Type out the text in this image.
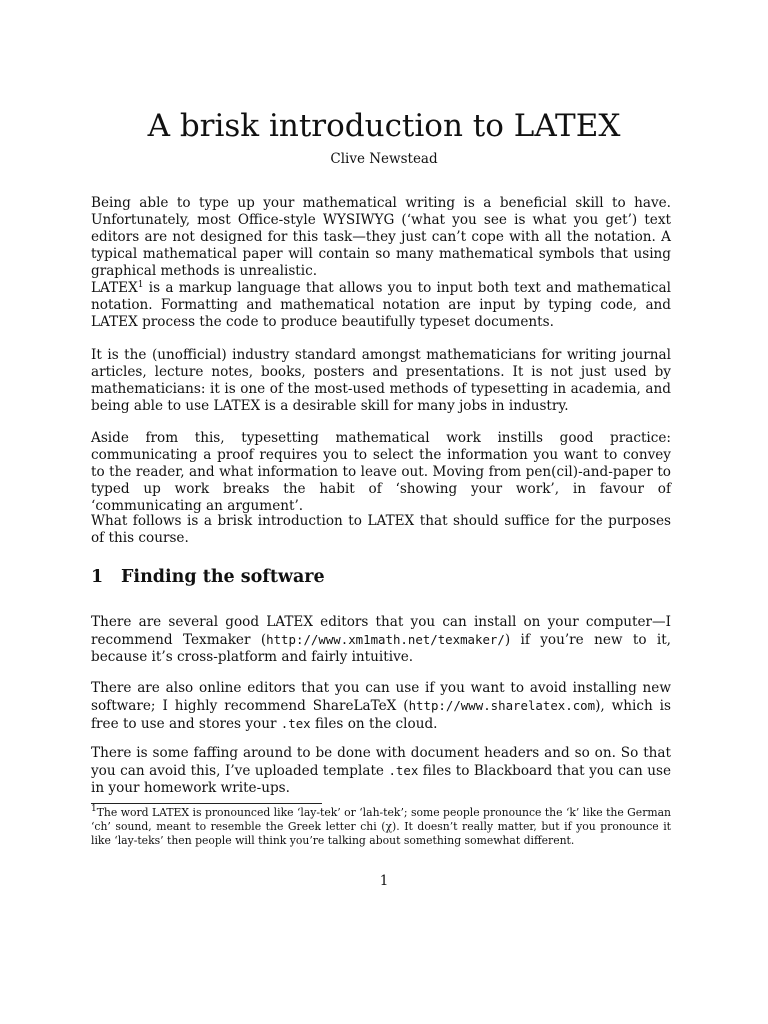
A brisk introduction to LATEX
Clive Newstead

Being able to type up your mathematical writing is a beneficial skill to have. Unfortunately, most Office-style WYSIWYG (‘what you see is what you get’) text editors are not designed for this task—they just can’t cope with all the notation. A typical mathematical paper will contain so many mathematical symbols that using graphical methods is unrealistic.

LATEX$^1$ is a markup language that allows you to input both text and mathematical notation. Formatting and mathematical notation are input by typing code, and LATEX process the code to produce beautifully typeset documents.

It is the (unofficial) industry standard amongst mathematicians for writing journal articles, lecture notes, books, posters and presentations. It is not just used by mathematicians: it is one of the most-used methods of typesetting in academia, and being able to use LATEX is a desirable skill for many jobs in industry.

Aside from this, typesetting mathematical work instills good practice: communicating a proof requires you to select the information you want to convey to the reader, and what information to leave out. Moving from pen(cil)-and-paper to typed up work breaks the habit of ‘showing your work’, in favour of ‘communicating an argument’.

What follows is a brisk introduction to LATEX that should suffice for the purposes of this course.

1 Finding the software

There are several good LATEX editors that you can install on your computer—I recommend Texmaker (http://www.xm1math.net/texmaker/) if you’re new to it, because it’s cross-platform and fairly intuitive.

There are also online editors that you can use if you want to avoid installing new software; I highly recommend ShareLaTeX (http://www.sharelatex.com), which is free to use and stores your .tex files on the cloud.

There is some faffing around to be done with document headers and so on. So that you can avoid this, I’ve uploaded template .tex files to Blackboard that you can use in your homework write-ups.

$^1$The word LATEX is pronounced like ‘lay-tek’ or ‘lah-tek’; some people pronounce the ‘k’ like the German ‘ch’ sound, meant to resemble the Greek letter chi (χ). It doesn’t really matter, but if you pronounce it like ‘lay-teks’ then people will think you’re talking about something somewhat different.

1
